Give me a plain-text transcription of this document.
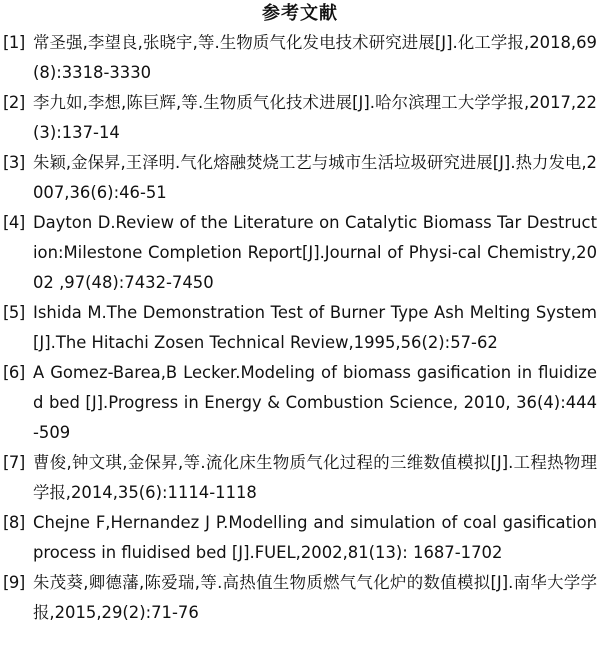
参考文献
[1] 常圣强,李望良,张晓宇,等.生物质气化发电技术研究进展[J].化工学报,2018,69(8):3318-3330
[2] 李九如,李想,陈巨辉,等.生物质气化技术进展[J].哈尔滨理工大学学报,2017,22(3):137-14
[3] 朱颖,金保昇,王泽明.气化熔融焚烧工艺与城市生活垃圾研究进展[J].热力发电,2007,36(6):46-51
[4] Dayton D.Review of the Literature on Catalytic Biomass Tar Destruction:Milestone Completion Report[J].Journal of Physi-cal Chemistry,2002 ,97(48):7432-7450
[5] Ishida M.The Demonstration Test of Burner Type Ash Melting System[J].The Hitachi Zosen Technical Review,1995,56(2):57-62
[6] A Gomez-Barea,B Lecker.Modeling of biomass gasification in fluidized bed [J].Progress in Energy & Combustion Science, 2010, 36(4):444-509
[7] 曹俊,钟文琪,金保昇,等.流化床生物质气化过程的三维数值模拟[J].工程热物理学报,2014,35(6):1114-1118
[8] Chejne F,Hernandez J P.Modelling and simulation of coal gasification process in fluidised bed [J].FUEL,2002,81(13): 1687-1702
[9] 朱茂葵,卿德藩,陈爱瑞,等.高热值生物质燃气气化炉的数值模拟[J].南华大学学报,2015,29(2):71-76
